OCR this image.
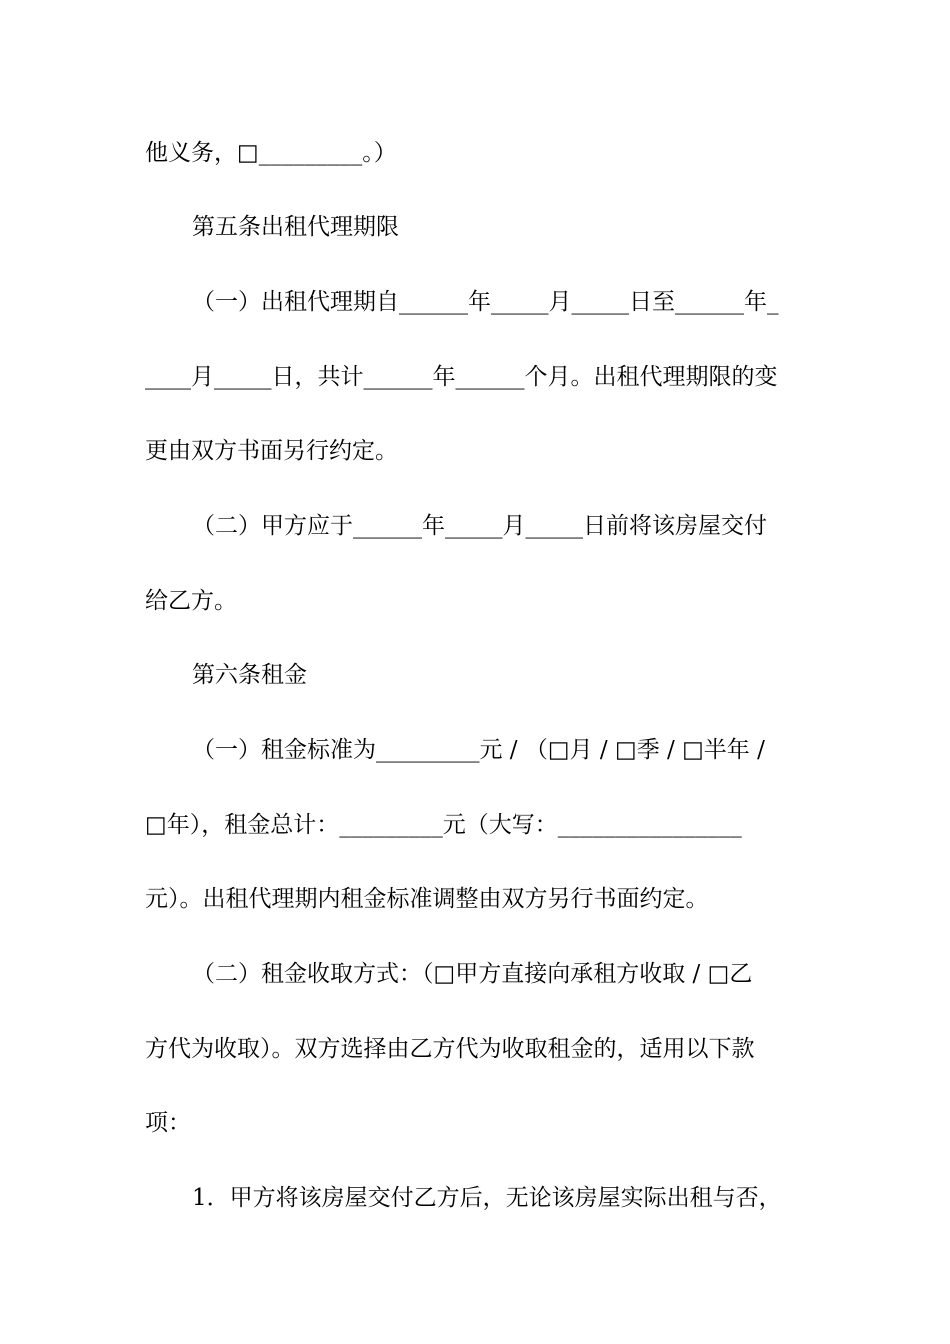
他义务，□_________。）
第五条出租代理期限
（一）出租代理期自______年_____月_____日至______年_
____月_____日，共计______年______个月。出租代理期限的变
更由双方书面另行约定。
（二）甲方应于______年_____月_____日前将该房屋交付
给乙方。
第六条租金
（一）租金标准为_________元 / （□月 / □季 / □半年 /
□年），租金总计：_________元（大写：________________
元）。出租代理期内租金标准调整由双方另行书面约定。
（二）租金收取方式：（□甲方直接向承租方收取 / □乙
方代为收取）。双方选择由乙方代为收取租金的，适用以下款
项：
1．甲方将该房屋交付乙方后，无论该房屋实际出租与否，
